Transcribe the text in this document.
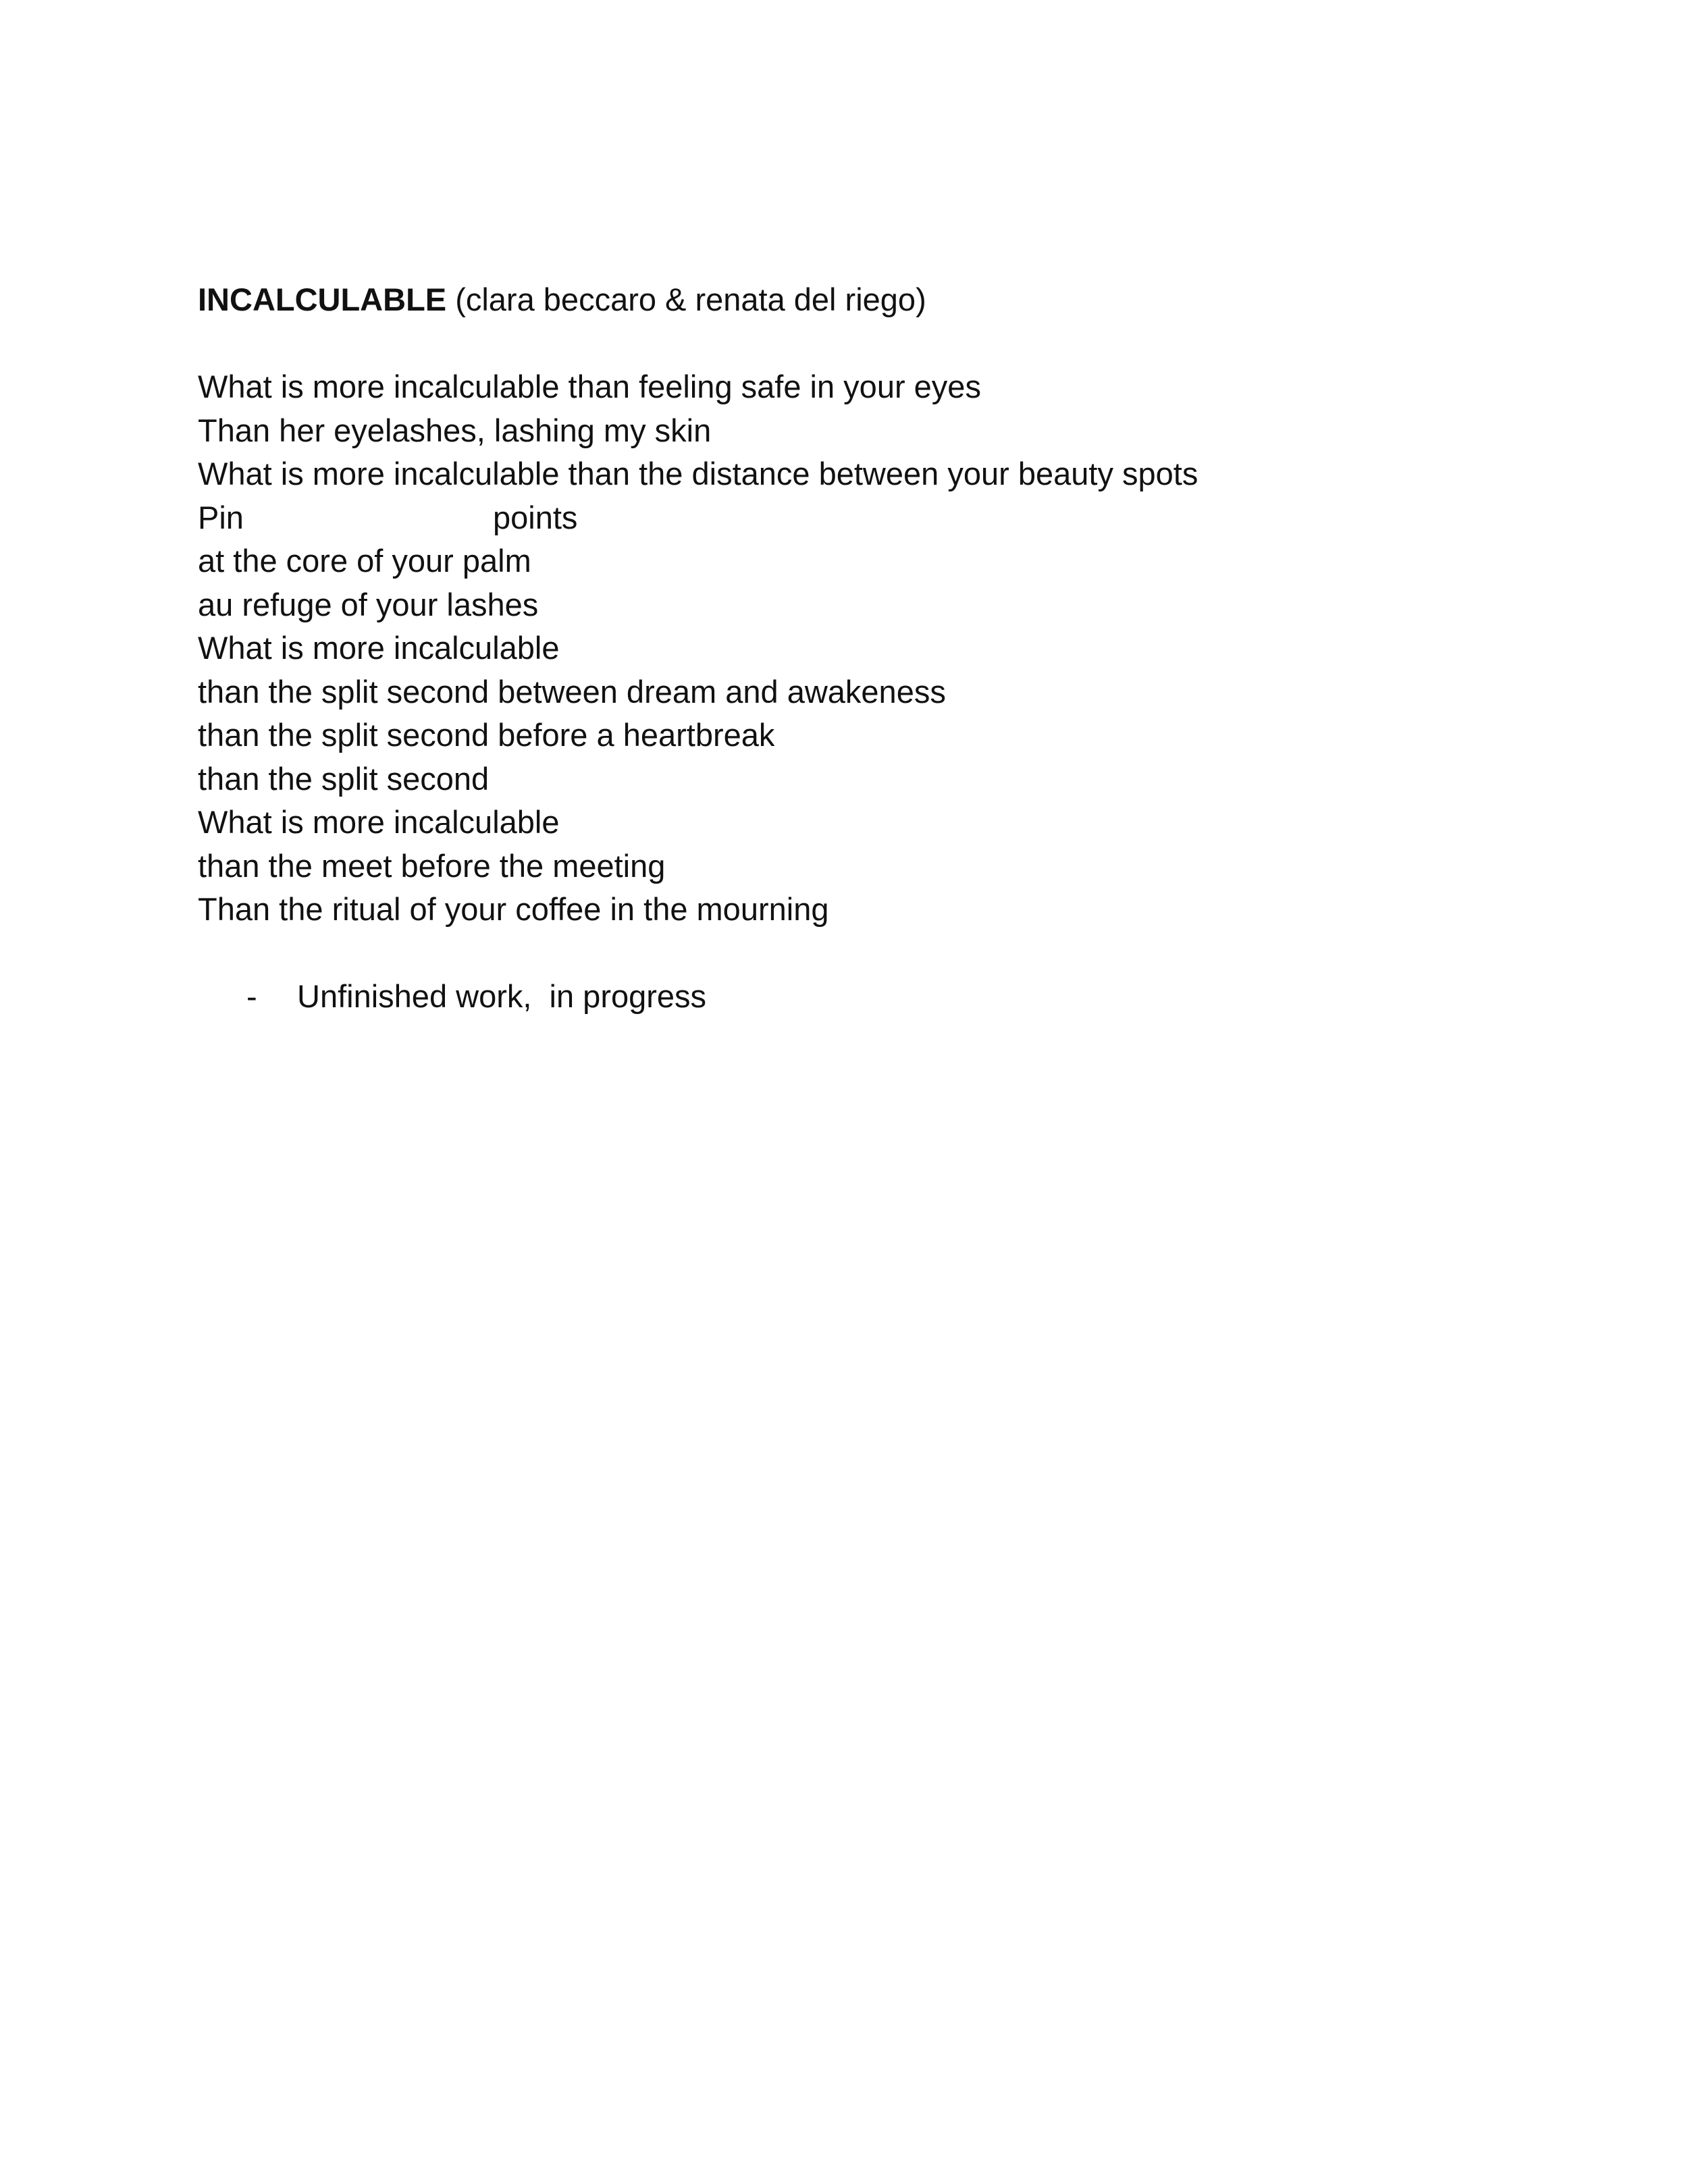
INCALCULABLE (clara beccaro & renata del riego)

What is more incalculable than feeling safe in your eyes

Than her eyelashes, lashing my skin

What is more incalculable than the distance between your beauty spots

Pin	points

at the core of your palm

au refuge of your lashes

What is more incalculable

than the split second between dream and awakeness

than the split second before a heartbreak

than the split second

What is more incalculable

than the meet before the meeting

Than the ritual of your coffee in the mourning

- Unfinished work,  in progress
